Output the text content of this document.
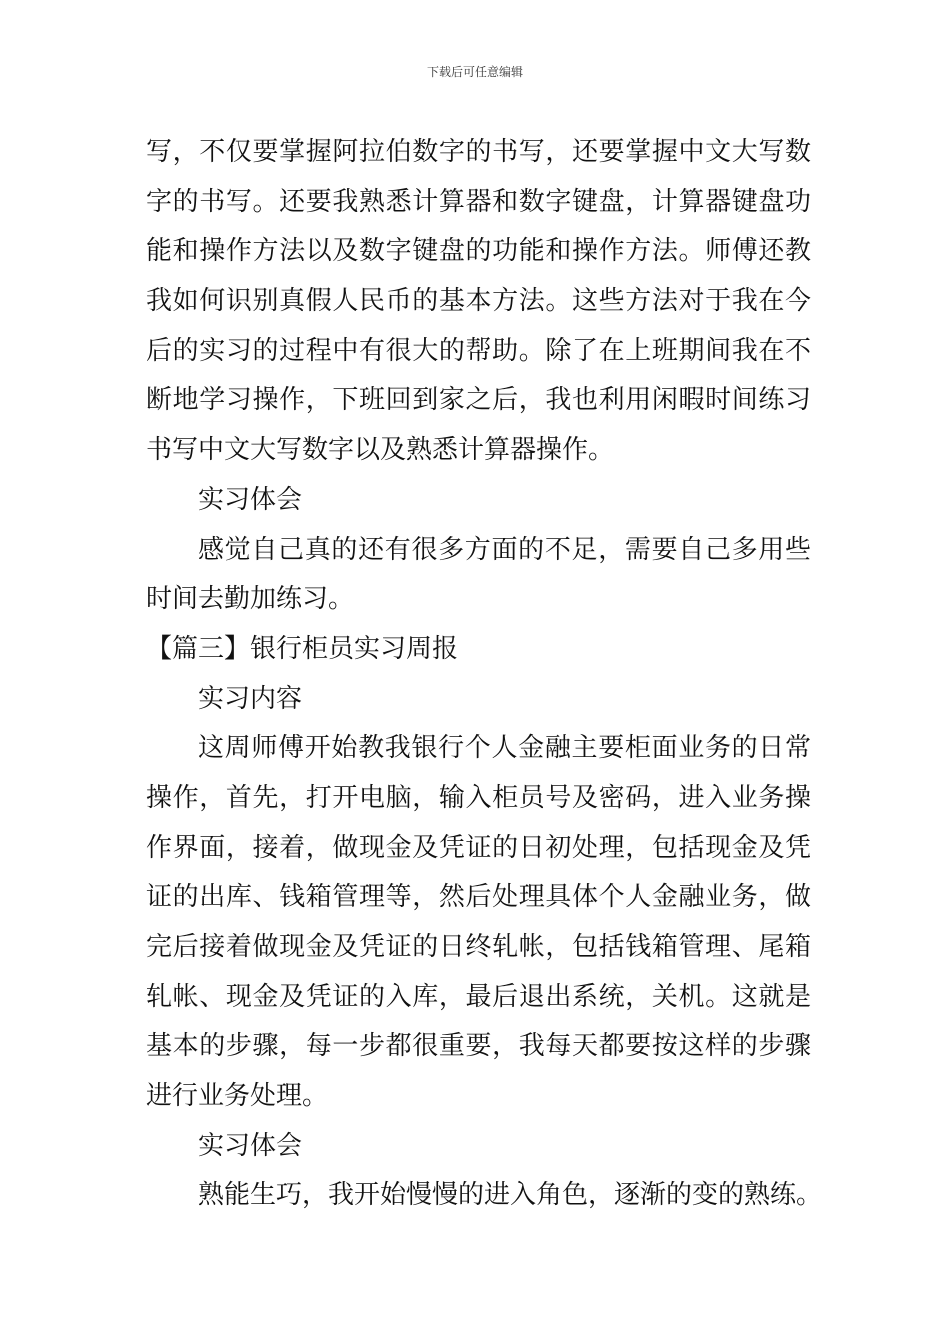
下载后可任意编辑
写，不仅要掌握阿拉伯数字的书写，还要掌握中文大写数
字的书写。还要我熟悉计算器和数字键盘，计算器键盘功
能和操作方法以及数字键盘的功能和操作方法。师傅还教
我如何识别真假人民币的基本方法。这些方法对于我在今
后的实习的过程中有很大的帮助。除了在上班期间我在不
断地学习操作，下班回到家之后，我也利用闲暇时间练习
书写中文大写数字以及熟悉计算器操作。
实习体会
感觉自己真的还有很多方面的不足，需要自己多用些
时间去勤加练习。
【篇三】银行柜员实习周报
实习内容
这周师傅开始教我银行个人金融主要柜面业务的日常
操作，首先，打开电脑，输入柜员号及密码，进入业务操
作界面，接着，做现金及凭证的日初处理，包括现金及凭
证的出库、钱箱管理等，然后处理具体个人金融业务，做
完后接着做现金及凭证的日终轧帐，包括钱箱管理、尾箱
轧帐、现金及凭证的入库，最后退出系统，关机。这就是
基本的步骤，每一步都很重要，我每天都要按这样的步骤
进行业务处理。
实习体会
熟能生巧，我开始慢慢的进入角色，逐渐的变的熟练。
